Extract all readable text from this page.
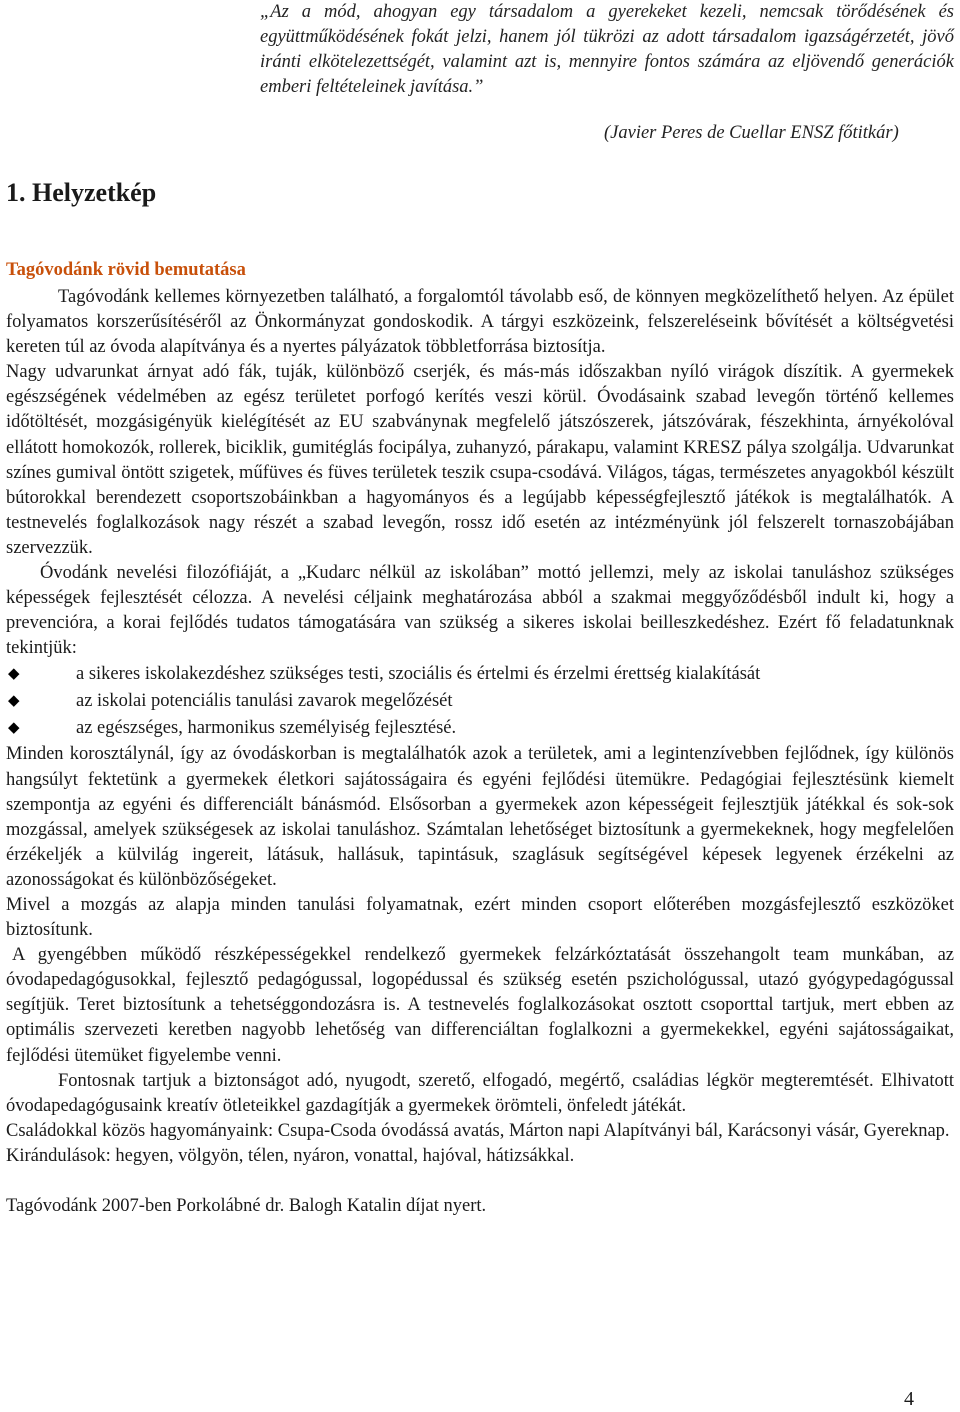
„Az a mód, ahogyan egy társadalom a gyerekeket kezeli, nemcsak törődésének és együttműködésének fokát jelzi, hanem jól tükrözi az adott társadalom igazságérzetét, jövő iránti elkötelezettségét, valamint azt is, mennyire fontos számára az eljövendő generációk emberi feltételeinek javítása.”

(Javier Peres de Cuellar ENSZ főtitkár)
1. Helyzetkép
Tagóvodánk rövid bemutatása

Tagóvodánk kellemes környezetben található, a forgalomtól távolabb eső, de könnyen megközelíthető helyen. Az épület folyamatos korszerűsítéséről az Önkormányzat gondoskodik. A tárgyi eszközeink, felszereléseink bővítését a költségvetési kereten túl az óvoda alapítványa és a nyertes pályázatok többletforrása biztosítja.

Nagy udvarunkat árnyat adó fák, tuják, különböző cserjék, és más-más időszakban nyíló virágok díszítik. A gyermekek egészségének védelmében az egész területet porfogó kerítés veszi körül. Óvodásaink szabad levegőn történő kellemes időtöltését, mozgásigényük kielégítését az EU szabványnak megfelelő játszószerek, játszóvárak, fészekhinta, árnyékolóval ellátott homokozók, rollerek, biciklik, gumitéglás focipálya, zuhanyzó, párakapu, valamint KRESZ pálya szolgálja. Udvarunkat színes gumival öntött szigetek, műfüves és füves területek teszik csupa-csodává. Világos, tágas, természetes anyagokból készült bútorokkal berendezett csoportszobáinkban a hagyományos és a legújabb képességfejlesztő játékok is megtalálhatók. A testnevelés foglalkozások nagy részét a szabad levegőn, rossz idő esetén az intézményünk jól felszerelt tornaszobájában szervezzük.

Óvodánk nevelési filozófiáját, a „Kudarc nélkül az iskolában” mottó jellemzi, mely az iskolai tanuláshoz szükséges képességek fejlesztését célozza. A nevelési céljaink meghatározása abból a szakmai meggyőződésből indult ki, hogy a prevencióra, a korai fejlődés tudatos támogatására van szükség a sikeres iskolai beilleszkedéshez. Ezért fő feladatunknak tekintjük:

◆	a sikeres iskolakezdéshez szükséges testi, szociális és értelmi és érzelmi érettség kialakítását
◆	az iskolai potenciális tanulási zavarok megelőzését
◆	az egészséges, harmonikus személyiség fejlesztésé.

Minden korosztálynál, így az óvodáskorban is megtalálhatók azok a területek, ami a legintenzívebben fejlődnek, így különös hangsúlyt fektetünk a gyermekek életkori sajátosságaira és egyéni fejlődési ütemükre. Pedagógiai fejlesztésünk kiemelt szempontja az egyéni és differenciált bánásmód. Elsősorban a gyermekek azon képességeit fejlesztjük játékkal és sok-sok mozgással, amelyek szükségesek az iskolai tanuláshoz. Számtalan lehetőséget biztosítunk a gyermekeknek, hogy megfelelően érzékeljék a külvilág ingereit, látásuk, hallásuk, tapintásuk, szaglásuk segítségével képesek legyenek érzékelni az azonosságokat és különbözőségeket.

Mivel a mozgás az alapja minden tanulási folyamatnak, ezért minden csoport előterében mozgásfejlesztő eszközöket biztosítunk.

A gyengébben működő részképességekkel rendelkező gyermekek felzárkóztatását összehangolt team munkában, az óvodapedagógusokkal, fejlesztő pedagógussal, logopédussal és szükség esetén pszichológussal, utazó gyógypedagógussal segítjük. Teret biztosítunk a tehetséggondozásra is. A testnevelés foglalkozásokat osztott csoporttal tartjuk, mert ebben az optimális szervezeti keretben nagyobb lehetőség van differenciáltan foglalkozni a gyermekekkel, egyéni sajátosságaikat, fejlődési ütemüket figyelembe venni.

Fontosnak tartjuk a biztonságot adó, nyugodt, szerető, elfogadó, megértő, családias légkör megteremtését. Elhivatott óvodapedagógusaink kreatív ötleteikkel gazdagítják a gyermekek örömteli, önfeledt játékát.

Családokkal közös hagyományaink: Csupa-Csoda óvodássá avatás, Márton napi Alapítványi bál, Karácsonyi vásár, Gyereknap.

Kirándulások: hegyen, völgyön, télen, nyáron, vonattal, hajóval, hátizsákkal.

Tagóvodánk 2007-ben Porkolábné dr. Balogh Katalin díjat nyert.

4
